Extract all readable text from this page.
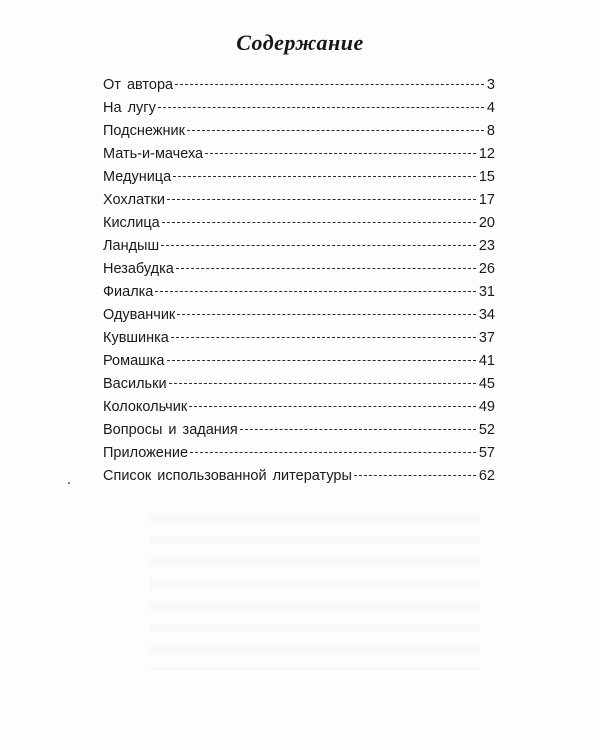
Содержание
От автора	3
На лугу	4
Подснежник	8
Мать-и-мачеха	12
Медуница	15
Хохлатки	17
Кислица	20
Ландыш	23
Незабудка	26
Фиалка	31
Одуванчик	34
Кувшинка	37
Ромашка	41
Васильки	45
Колокольчик	49
Вопросы и задания	52
Приложение	57
Список использованной литературы	62
